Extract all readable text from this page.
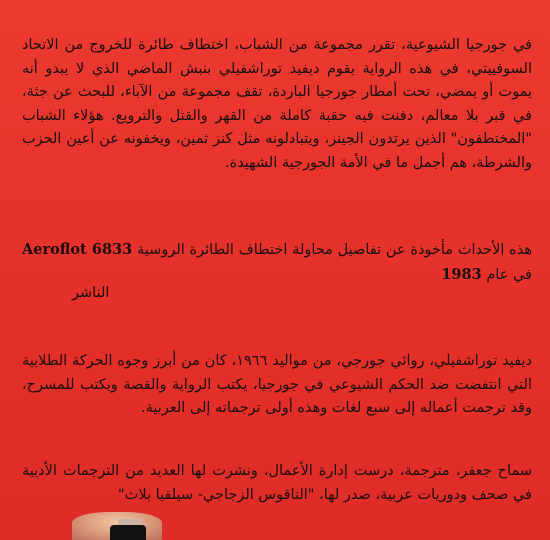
في جورجيا الشيوعية، تقرر مجموعة من الشباب، اختطاف طائرة للخروج من الاتحاد السوفييتي، في هذه الرواية يقوم ديفيد توراشفيلي بنبش الماضي الذي لا يبدو أنه يموت أو يمضي، تحت أمطار جورجيا الباردة، تقف مجموعة من الآباء، للبحث عن جثة، في قبر بلا معالم، دفنت فيه حقبة كاملة من القهر والقتل والترويع. هؤلاء الشباب "المختطفون" الذين يرتدون الجينز، ويتبادلونه مثل كنز ثمين، ويخفونه عن أعين الحزب والشرطة، هم أجمل ما في الأمة الجورجية الشهيدة.
هذه الأحداث مأخوذة عن تفاصيل محاولة اختطاف الطائرة الروسية Aeroflot 6833 في عام 1983
الناشر
ديفيد توراشفيلي، روائي جورجي، من مواليد ١٩٦٦، كان من أبرز وجوه الحركة الطلابية التي انتفضت ضد الحكم الشيوعي في جورجيا، يكتب الرواية والقصة ويكتب للمسرح، وقد ترجمت أعماله إلى سبع لغات وهذه أولى ترجماته إلى العربية.
سماح جعفر، مترجمة، درست إدارة الأعمال، ونشرت لها العديد من الترجمات الأدبية في صحف ودوريات عربية، صدر لها، "الناقوس الزجاجي- سيلفيا بلاث"
